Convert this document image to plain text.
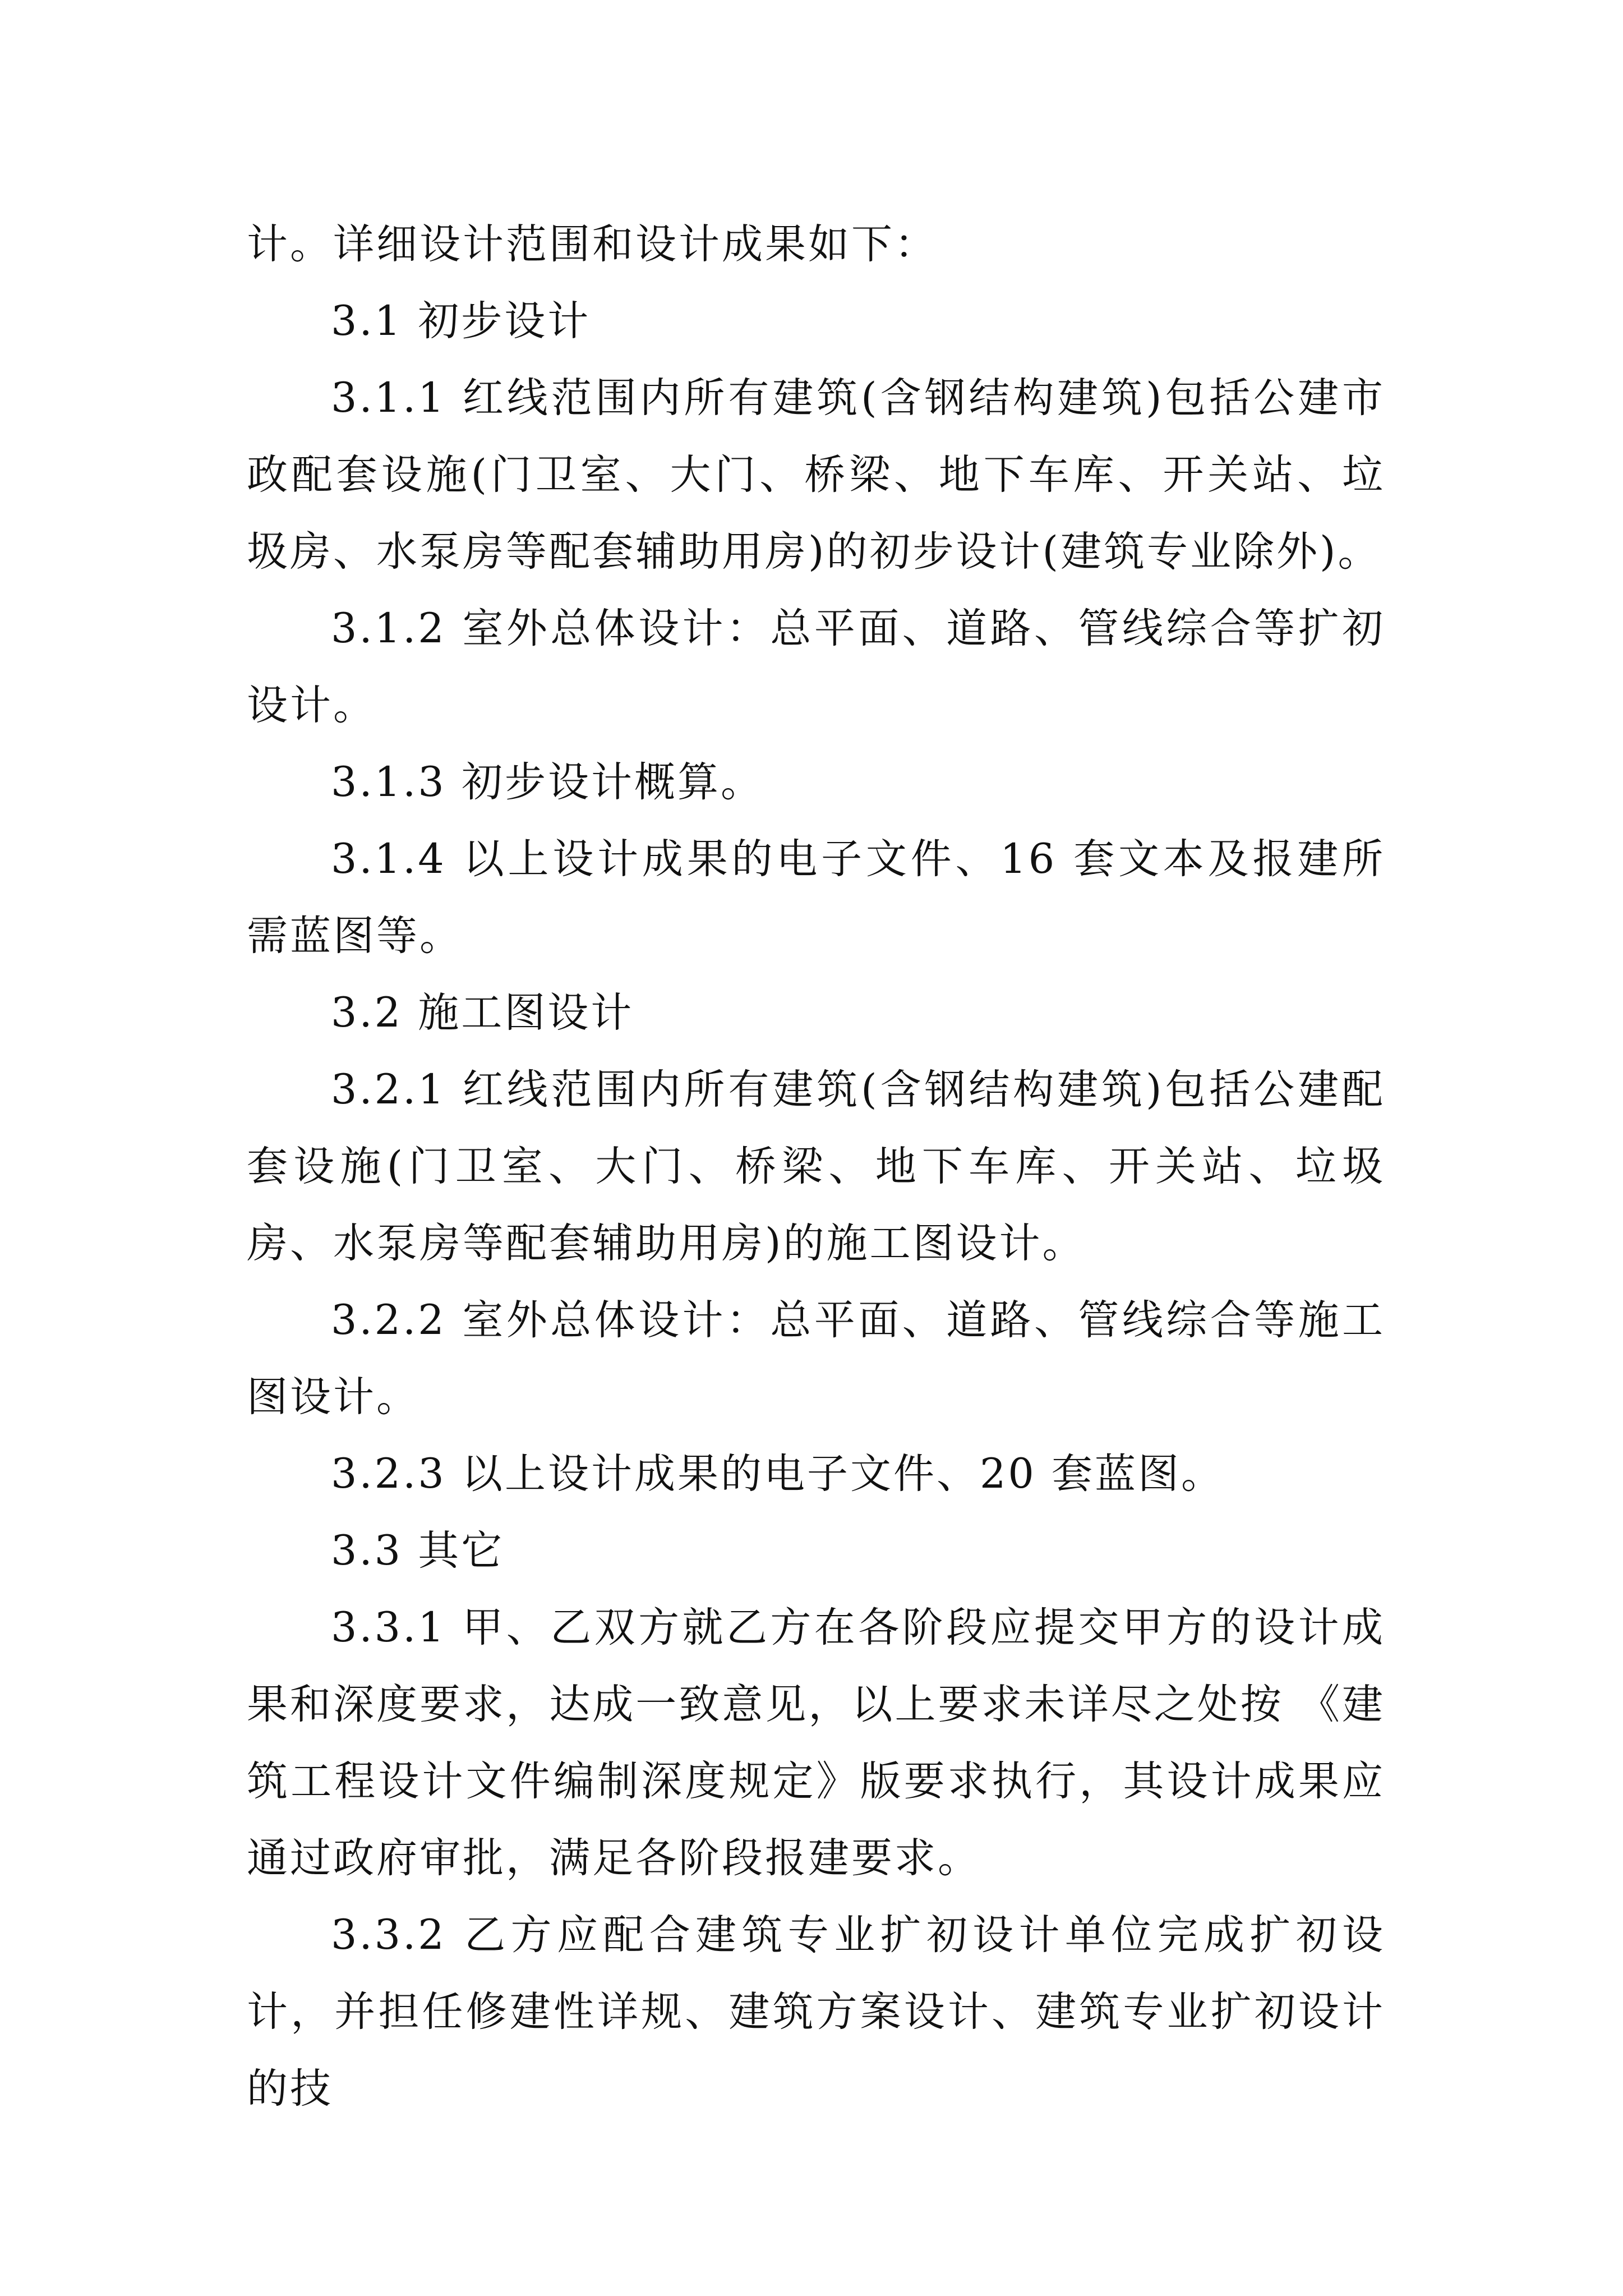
计。详细设计范围和设计成果如下：

3.1 初步设计

3.1.1 红线范围内所有建筑(含钢结构建筑)包括公建市政配套设施(门卫室、大门、桥梁、地下车库、开关站、垃圾房、水泵房等配套辅助用房)的初步设计(建筑专业除外)。

3.1.2 室外总体设计：总平面、道路、管线综合等扩初设计。

3.1.3 初步设计概算。

3.1.4 以上设计成果的电子文件、16 套文本及报建所需蓝图等。

3.2 施工图设计

3.2.1 红线范围内所有建筑(含钢结构建筑)包括公建配套设施(门卫室、大门、桥梁、地下车库、开关站、垃圾房、水泵房等配套辅助用房)的施工图设计。

3.2.2 室外总体设计：总平面、道路、管线综合等施工图设计。

3.2.3 以上设计成果的电子文件、20 套蓝图。

3.3 其它

3.3.1 甲、乙双方就乙方在各阶段应提交甲方的设计成果和深度要求，达成一致意见，以上要求未详尽之处按 《建筑工程设计文件编制深度规定》版要求执行，其设计成果应通过政府审批，满足各阶段报建要求。

3.3.2 乙方应配合建筑专业扩初设计单位完成扩初设计，并担任修建性详规、建筑方案设计、建筑专业扩初设计的技
